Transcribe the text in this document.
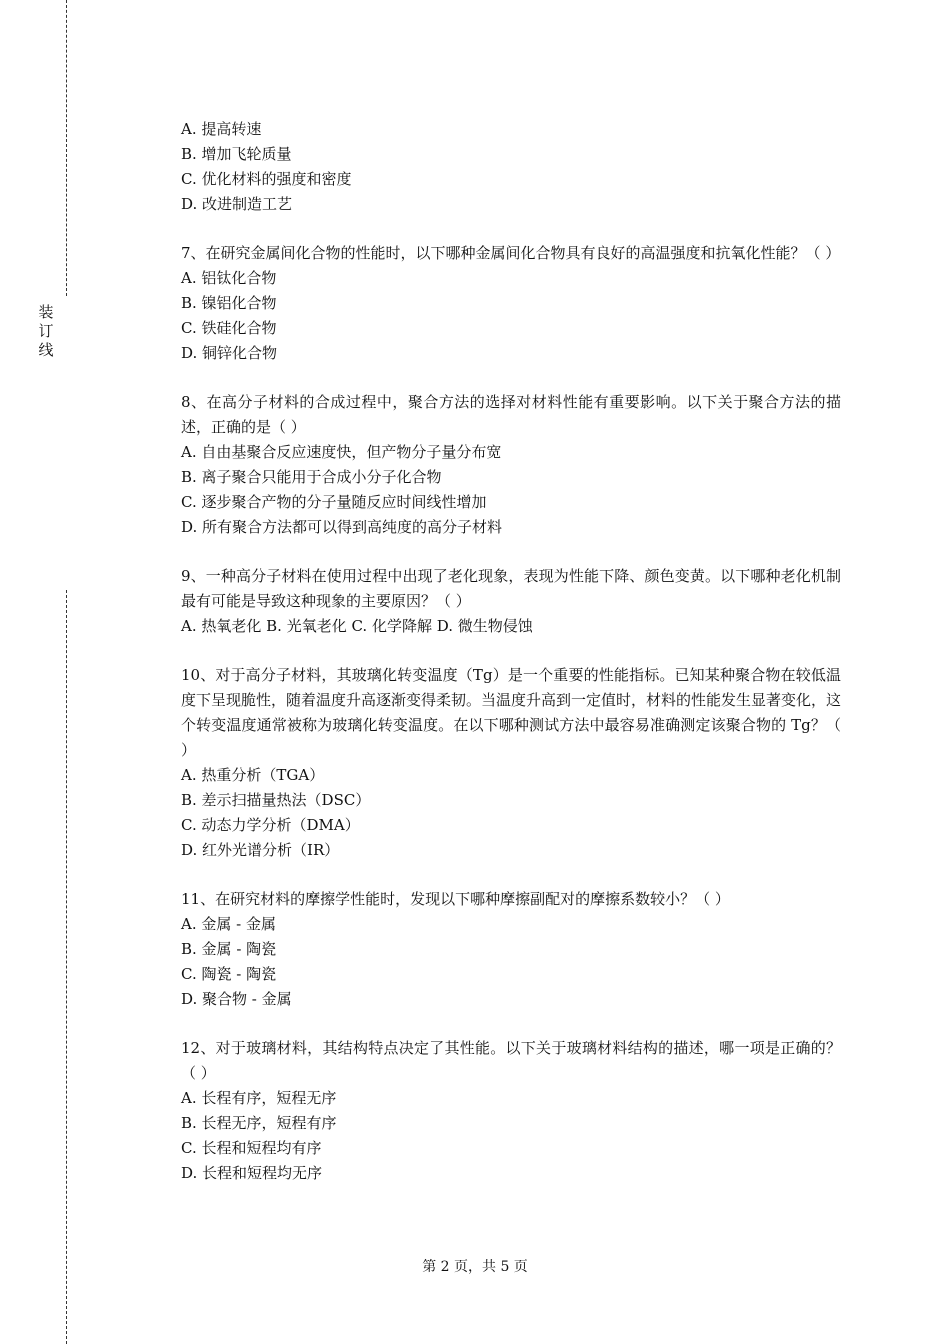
装
订
线
A. 提高转速
B. 增加飞轮质量
C. 优化材料的强度和密度
D. 改进制造工艺
7、在研究金属间化合物的性能时，以下哪种金属间化合物具有良好的高温强度和抗氧化性能？（ ）
A. 铝钛化合物
B. 镍铝化合物
C. 铁硅化合物
D. 铜锌化合物
8、在高分子材料的合成过程中，聚合方法的选择对材料性能有重要影响。以下关于聚合方法的描述，正确的是（ ）
A. 自由基聚合反应速度快，但产物分子量分布宽
B. 离子聚合只能用于合成小分子化合物
C. 逐步聚合产物的分子量随反应时间线性增加
D. 所有聚合方法都可以得到高纯度的高分子材料
9、一种高分子材料在使用过程中出现了老化现象，表现为性能下降、颜色变黄。以下哪种老化机制最有可能是导致这种现象的主要原因？（ ）
A. 热氧老化 B. 光氧老化 C. 化学降解 D. 微生物侵蚀
10、对于高分子材料，其玻璃化转变温度（Tg）是一个重要的性能指标。已知某种聚合物在较低温度下呈现脆性，随着温度升高逐渐变得柔韧。当温度升高到一定值时，材料的性能发生显著变化，这个转变温度通常被称为玻璃化转变温度。在以下哪种测试方法中最容易准确测定该聚合物的 Tg？（ ）
A. 热重分析（TGA）
B. 差示扫描量热法（DSC）
C. 动态力学分析（DMA）
D. 红外光谱分析（IR）
11、在研究材料的摩擦学性能时，发现以下哪种摩擦副配对的摩擦系数较小？（ ）
A. 金属 - 金属
B. 金属 - 陶瓷
C. 陶瓷 - 陶瓷
D. 聚合物 - 金属
12、对于玻璃材料，其结构特点决定了其性能。以下关于玻璃材料结构的描述，哪一项是正确的？（ ）
A. 长程有序，短程无序
B. 长程无序，短程有序
C. 长程和短程均有序
D. 长程和短程均无序
第 2 页，共 5 页
